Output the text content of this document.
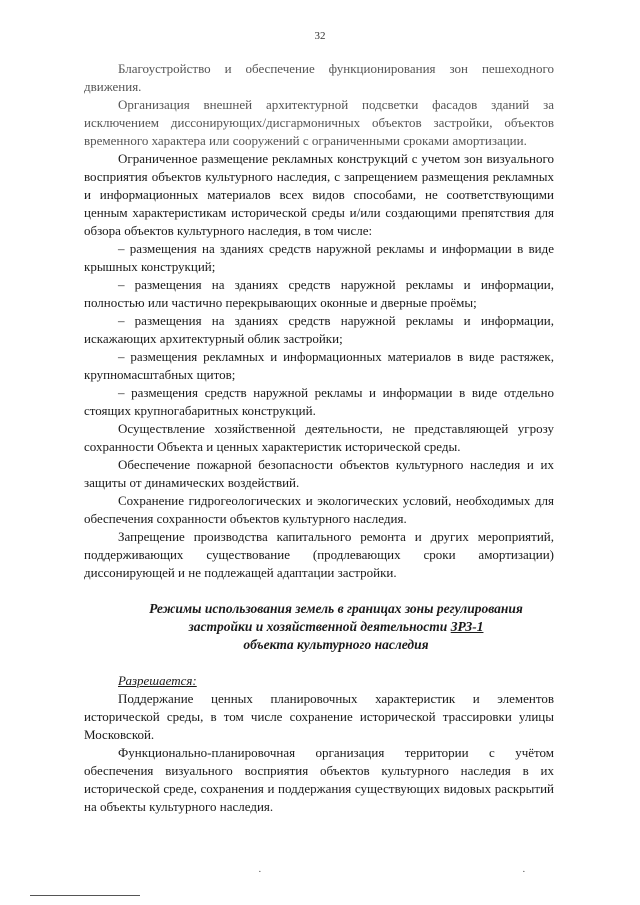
32

Благоустройство и обеспечение функционирования зон пешеходного движения.

Организация внешней архитектурной подсветки фасадов зданий за исключением диссонирующих/дисгармоничных объектов застройки, объектов временного характера или сооружений с ограниченными сроками амортизации.

Ограниченное размещение рекламных конструкций с учетом зон визуального восприятия объектов культурного наследия, с запрещением размещения рекламных и информационных материалов всех видов способами, не соответствующими ценным характеристикам исторической среды и/или создающими препятствия для обзора объектов культурного наследия, в том числе:

– размещения на зданиях средств наружной рекламы и информации в виде крышных конструкций;

– размещения на зданиях средств наружной рекламы и информации, полностью или частично перекрывающих оконные и дверные проёмы;

– размещения на зданиях средств наружной рекламы и информации, искажающих архитектурный облик застройки;

– размещения рекламных и информационных материалов в виде растяжек, крупномасштабных щитов;

– размещения средств наружной рекламы и информации в виде отдельно стоящих крупногабаритных конструкций.

Осуществление хозяйственной деятельности, не представляющей угрозу сохранности Объекта и ценных характеристик исторической среды.

Обеспечение пожарной безопасности объектов культурного наследия и их защиты от динамических воздействий.

Сохранение гидрогеологических и экологических условий, необходимых для обеспечения сохранности объектов культурного наследия.

Запрещение производства капитального ремонта и других мероприятий, поддерживающих существование (продлевающих сроки амортизации) диссонирующей и не подлежащей адаптации застройки.

Режимы использования земель в границах зоны регулирования

застройки и хозяйственной деятельности ЗРЗ-1

объекта культурного наследия

Разрешается:

Поддержание ценных планировочных характеристик и элементов исторической среды, в том числе сохранение исторической трассировки улицы Московской.

Функционально-планировочная организация территории с учётом обеспечения визуального восприятия объектов культурного наследия в их исторической среде, сохранения и поддержания существующих видовых раскрытий на объекты культурного наследия.

·	·
